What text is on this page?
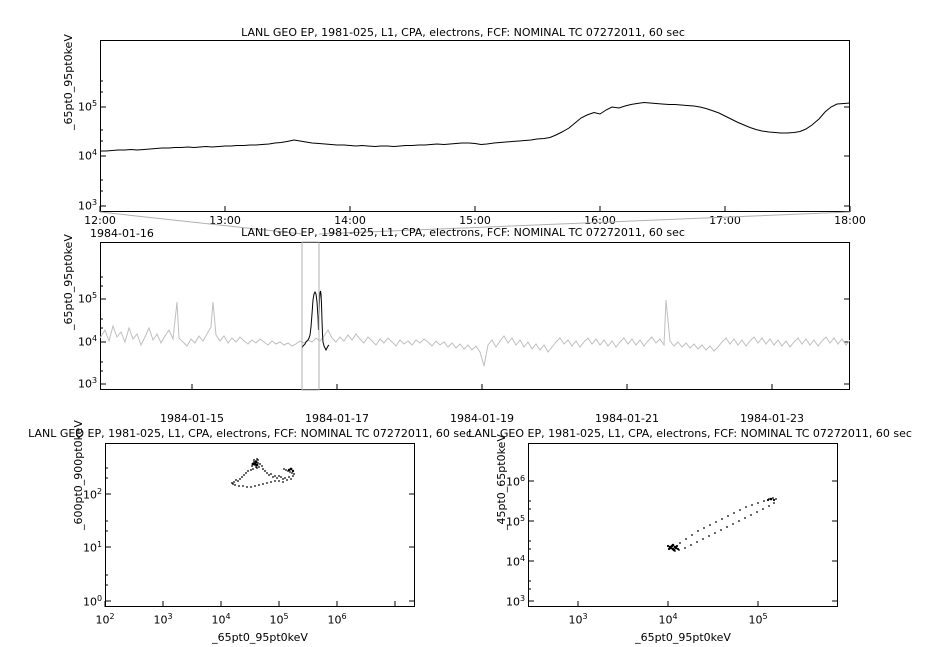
LANL GEO EP, 1981-025, L1, CPA, electrons, FCF: NOMINAL TC 07272011, 60 sec
_65pt0_95pt0keV
$10^3$
$10^4$
$10^5$
12:00	13:00	14:00	15:00	16:00	17:00	18:00
1984-01-16	LANL GEO EP, 1981-025, L1, CPA, electrons, FCF: NOMINAL TC 07272011, 60 sec
_65pt0_95pt0keV
$10^3$
$10^4$
$10^5$
1984-01-15	1984-01-17	1984-01-19	1984-01-21	1984-01-23
LANL GEO EP, 1981-025, L1, CPA, electrons, FCF: NOMINAL TC 07272011, 60 sec
_600pt0_900pt0keV
$10^0$
$10^1$
$10^2$
$10^2$	$10^3$	$10^4$	$10^5$	$10^6$
_65pt0_95pt0keV
LANL GEO EP, 1981-025, L1, CPA, electrons, FCF: NOMINAL TC 07272011, 60 sec
_45pt0_65pt0keV
$10^3$
$10^4$
$10^5$
$10^6$
$10^3$	$10^4$	$10^5$
_65pt0_95pt0keV
